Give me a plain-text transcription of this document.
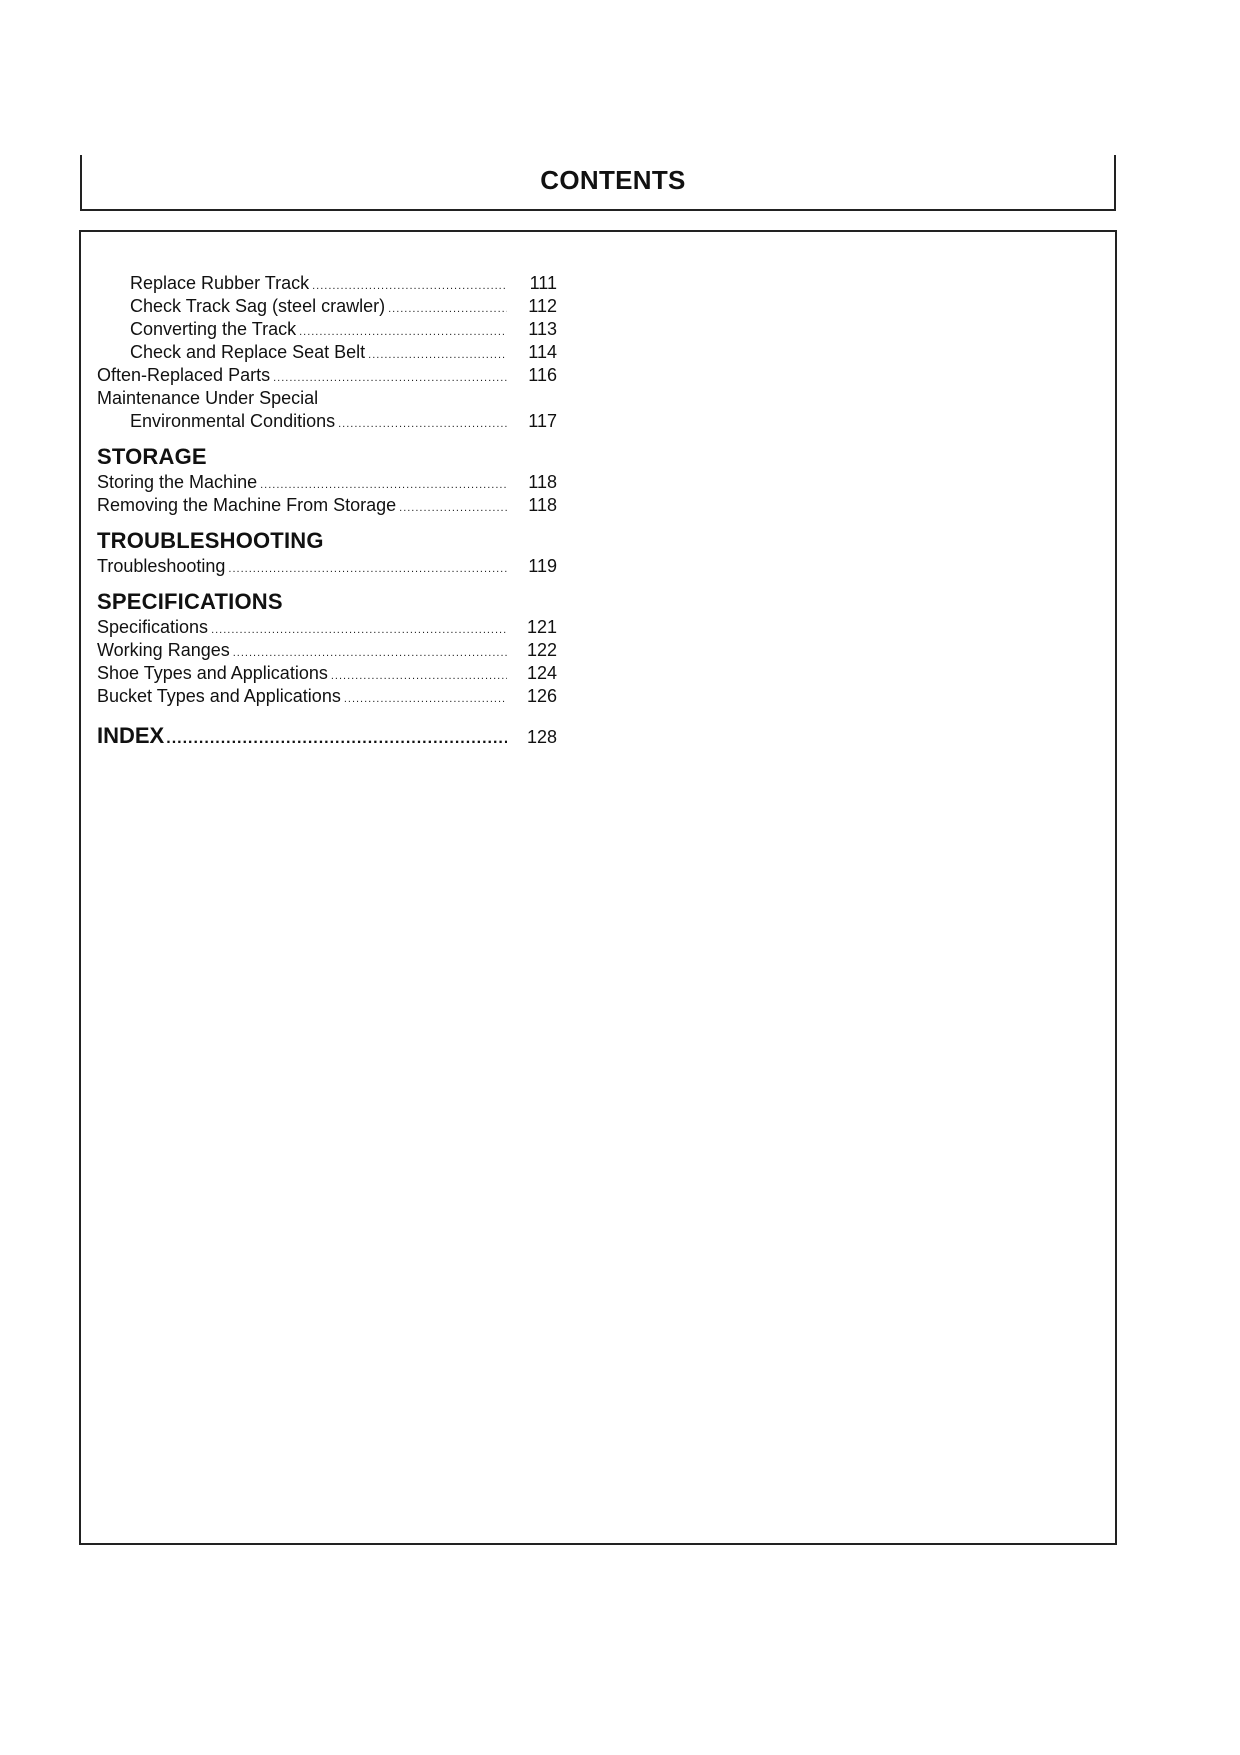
CONTENTS
Replace Rubber Track .....	111
Check Track Sag (steel crawler) .....	112
Converting the Track .....	113
Check and Replace Seat Belt .....	114
Often-Replaced Parts .....	116
Maintenance Under Special
Environmental Conditions .....	117
STORAGE
Storing the Machine .....	118
Removing the Machine From Storage .....	118
TROUBLESHOOTING
Troubleshooting .....	119
SPECIFICATIONS
Specifications .....	121
Working Ranges .....	122
Shoe Types and Applications .....	124
Bucket Types and Applications .....	126
INDEX .....	128
